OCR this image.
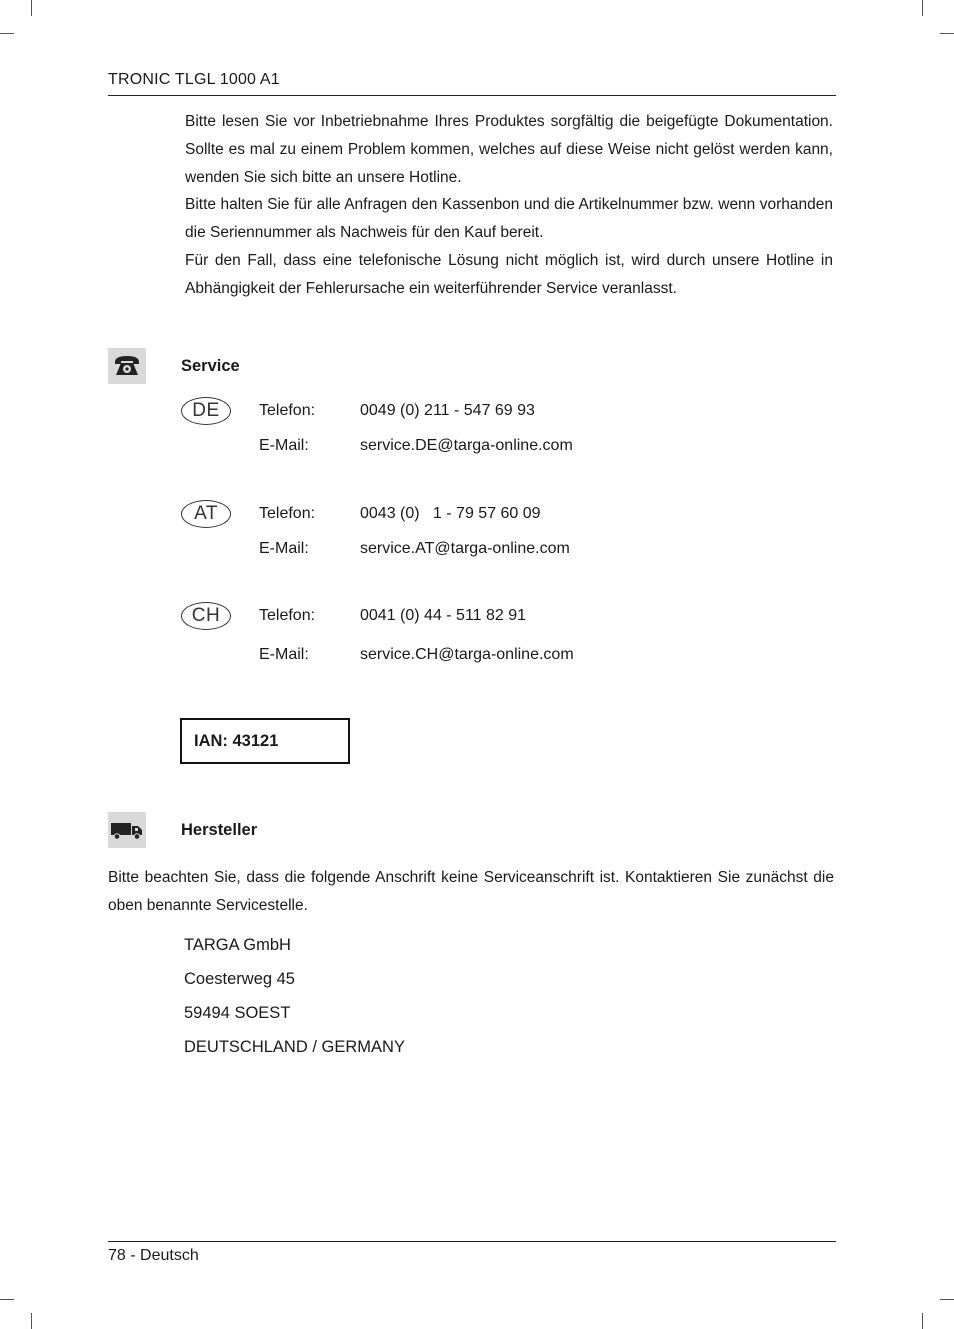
TRONIC TLGL 1000 A1

Bitte lesen Sie vor Inbetriebnahme Ihres Produktes sorgfältig die beigefügte Dokumentation. Sollte es mal zu einem Problem kommen, welches auf diese Weise nicht gelöst werden kann, wenden Sie sich bitte an unsere Hotline.

Bitte halten Sie für alle Anfragen den Kassenbon und die Artikelnummer bzw. wenn vorhanden die Seriennummer als Nachweis für den Kauf bereit.

Für den Fall, dass eine telefonische Lösung nicht möglich ist, wird durch unsere Hotline in Abhängigkeit der Fehlerursache ein weiterführender Service veranlasst.

Service
DE	Telefon:	0049 (0) 211 - 547 69 93
E-Mail:	service.DE@targa-online.com
AT	Telefon:	0043 (0)   1 - 79 57 60 09
E-Mail:	service.AT@targa-online.com
CH	Telefon:	0041 (0) 44 - 511 82 91
E-Mail:	service.CH@targa-online.com
IAN: 43121
Hersteller
Bitte beachten Sie, dass die folgende Anschrift keine Serviceanschrift ist. Kontaktieren Sie zunächst die oben benannte Servicestelle.
TARGA GmbH
Coesterweg 45
59494 SOEST
DEUTSCHLAND / GERMANY
78 - Deutsch
